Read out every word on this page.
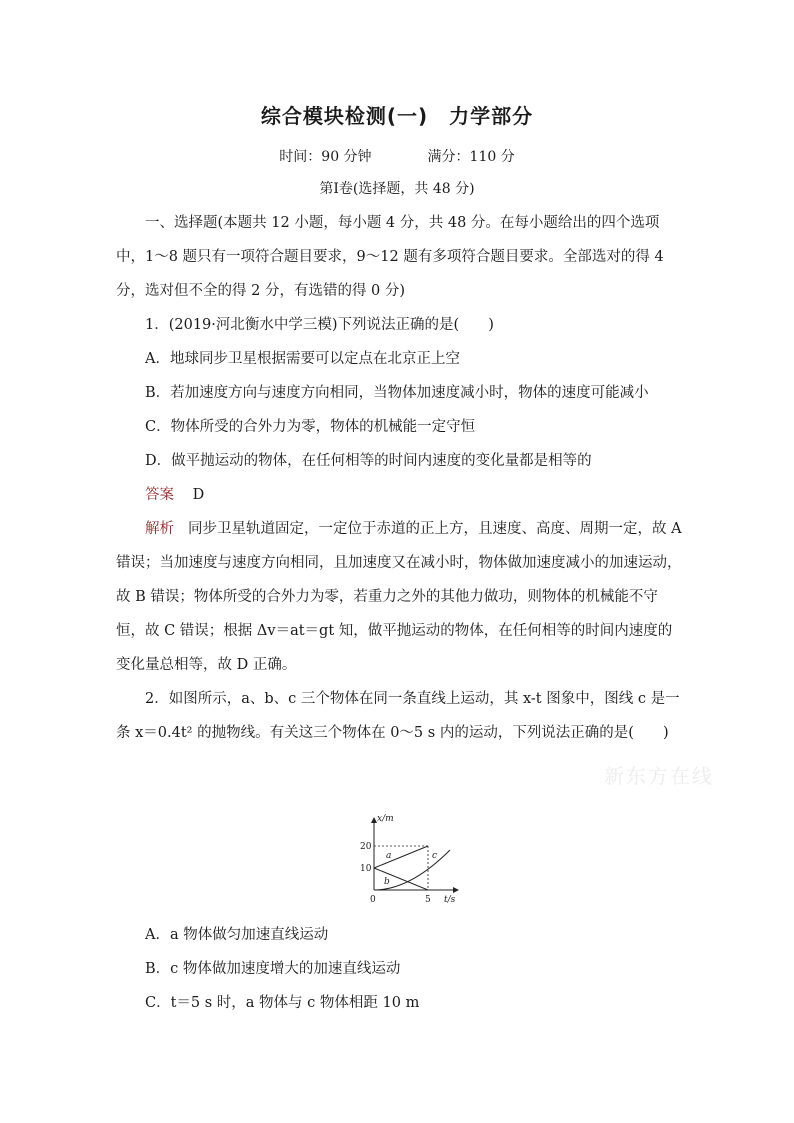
综合模块检测(一)　力学部分
时间：90 分钟　　　　满分：110 分
第Ⅰ卷(选择题，共 48 分)

一、选择题(本题共 12 小题，每小题 4 分，共 48 分。在每小题给出的四个选项中，1～8 题只有一项符合题目要求，9～12 题有多项符合题目要求。全部选对的得 4 分，选对但不全的得 2 分，有选错的得 0 分)

1．(2019·河北衡水中学三模)下列说法正确的是(　　)

A．地球同步卫星根据需要可以定点在北京正上空

B．若加速度方向与速度方向相同，当物体加速度减小时，物体的速度可能减小

C．物体所受的合外力为零，物体的机械能一定守恒

D．做平抛运动的物体，在任何相等的时间内速度的变化量都是相等的

答案 D

解析 同步卫星轨道固定，一定位于赤道的正上方，且速度、高度、周期一定，故 A 错误；当加速度与速度方向相同，且加速度又在减小时，物体做加速度减小的加速运动，故 B 错误；物体所受的合外力为零，若重力之外的其他力做功，则物体的机械能不守恒，故 C 错误；根据 Δv＝at＝gt 知，做平抛运动的物体，在任何相等的时间内速度的变化量总相等，故 D 正确。

2．如图所示，a、b、c 三个物体在同一条直线上运动，其 x-t 图象中，图线 c 是一条 x＝0.4t² 的抛物线。有关这三个物体在 0～5 s 内的运动，下列说法正确的是(　　)

新东方在线
x/m
t/s
20
10
0	5
a
b
c

A．a 物体做匀加速直线运动

B．c 物体做加速度增大的加速直线运动

C．t＝5 s 时，a 物体与 c 物体相距 10 m
